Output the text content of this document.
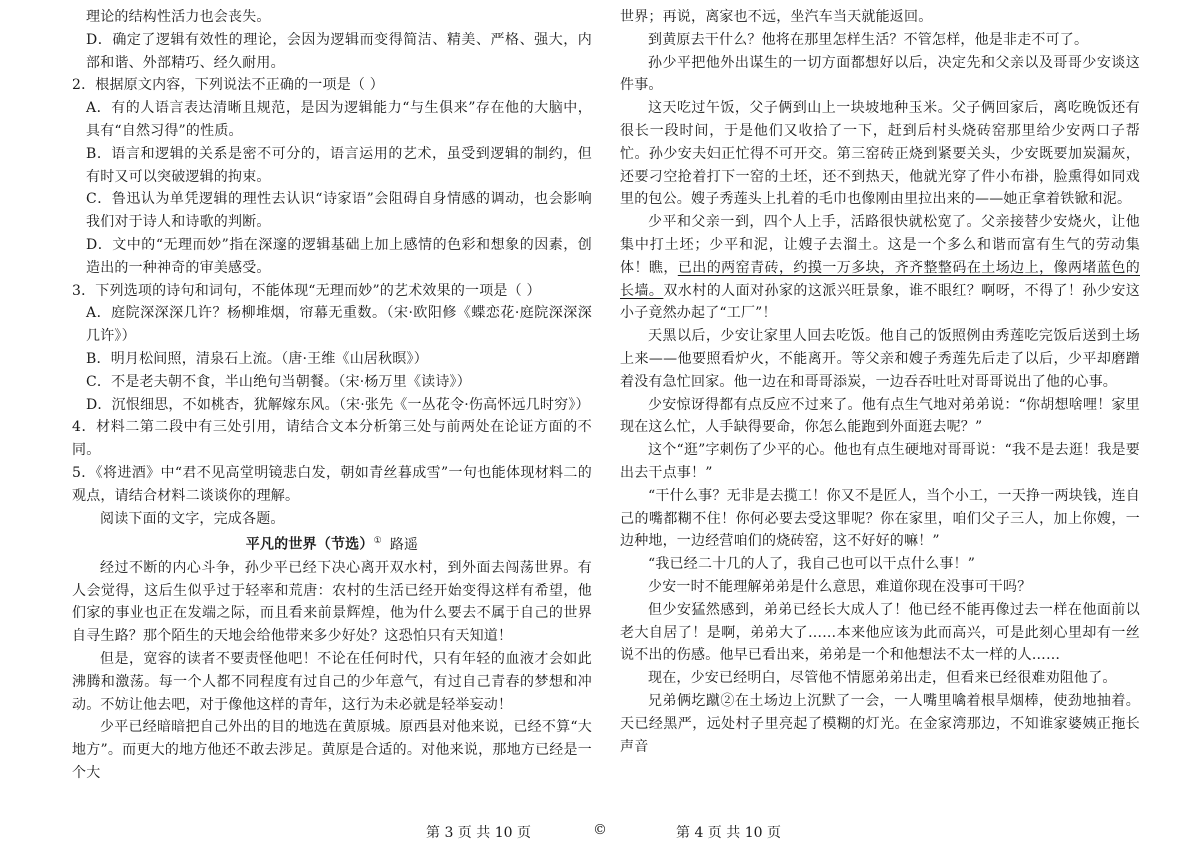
理论的结构性活力也会丧失。

D．确定了逻辑有效性的理论，会因为逻辑而变得简洁、精美、严格、强大，内部和谐、外部精巧、经久耐用。

2．根据原文内容，下列说法不正确的一项是（ ）

A．有的人语言表达清晰且规范，是因为逻辑能力“与生俱来”存在他的大脑中，具有“自然习得”的性质。

B．语言和逻辑的关系是密不可分的，语言运用的艺术，虽受到逻辑的制约，但有时又可以突破逻辑的拘束。

C．鲁迅认为单凭逻辑的理性去认识“诗家语”会阻碍自身情感的调动，也会影响我们对于诗人和诗歌的判断。

D．文中的“无理而妙”指在深邃的逻辑基础上加上感情的色彩和想象的因素，创造出的一种神奇的审美感受。

3．下列选项的诗句和词句，不能体现“无理而妙”的艺术效果的一项是（ ）

A．庭院深深深几许？杨柳堆烟，帘幕无重数。（宋·欧阳修《蝶恋花·庭院深深深几许》）

B．明月松间照，清泉石上流。（唐·王维《山居秋暝》）

C．不是老夫朝不食，半山绝句当朝餐。（宋·杨万里《读诗》）

D．沉恨细思，不如桃杏，犹解嫁东风。（宋·张先《一丛花令·伤高怀远几时穷》）

4．材料二第二段中有三处引用，请结合文本分析第三处与前两处在论证方面的不同。

5．《将进酒》中“君不见高堂明镜悲白发，朝如青丝暮成雪”一句也能体现材料二的观点，请结合材料二谈谈你的理解。

阅读下面的文字，完成各题。

平凡的世界（节选）① 路遥

经过不断的内心斗争，孙少平已经下决心离开双水村，到外面去闯荡世界。有人会觉得，这后生似乎过于轻率和荒唐：农村的生活已经开始变得这样有希望，他们家的事业也正在发端之际，而且看来前景辉煌，他为什么要去不属于自己的世界自寻生路？那个陌生的天地会给他带来多少好处？这恐怕只有天知道！

但是，宽容的读者不要责怪他吧！不论在任何时代，只有年轻的血液才会如此沸腾和激荡。每一个人都不同程度有过自己的少年意气，有过自己青春的梦想和冲动。不妨让他去吧，对于像他这样的青年，这行为未必就是轻举妄动！

少平已经暗暗把自己外出的目的地选在黄原城。原西县对他来说，已经不算“大地方”。而更大的地方他还不敢去涉足。黄原是合适的。对他来说，那地方已经是一个大

世界；再说，离家也不远，坐汽车当天就能返回。

到黄原去干什么？他将在那里怎样生活？不管怎样，他是非走不可了。

孙少平把他外出谋生的一切方面都想好以后，决定先和父亲以及哥哥少安谈这件事。

这天吃过午饭，父子俩到山上一块坡地种玉米。父子俩回家后，离吃晚饭还有很长一段时间，于是他们又收拾了一下，赶到后村头烧砖窑那里给少安两口子帮忙。孙少安夫妇正忙得不可开交。第三窑砖正烧到紧要关头，少安既要加炭漏灰，还要刁空抢着打下一窑的土坯，还不到热天，他就光穿了件小布褂，脸熏得如同戏里的包公。嫂子秀莲头上扎着的毛巾也像刚由里拉出来的——她正拿着铁锨和泥。

少平和父亲一到，四个人上手，活路很快就松宽了。父亲接替少安烧火，让他集中打土坯；少平和泥，让嫂子去溜土。这是一个多么和谐而富有生气的劳动集体！瞧，已出的两窑青砖，约摸一万多块，齐齐整整码在土场边上，像两堵蓝色的长墙。双水村的人面对孙家的这派兴旺景象，谁不眼红？啊呀，不得了！孙少安这小子竟然办起了“工厂”！

天黑以后，少安让家里人回去吃饭。他自己的饭照例由秀莲吃完饭后送到土场上来——他要照看炉火，不能离开。等父亲和嫂子秀莲先后走了以后，少平却磨蹭着没有急忙回家。他一边在和哥哥添炭，一边吞吞吐吐对哥哥说出了他的心事。

少安惊讶得都有点反应不过来了。他有点生气地对弟弟说：“你胡想啥哩！家里现在这么忙，人手缺得要命，你怎么能跑到外面逛去呢？”

这个“逛”字刺伤了少平的心。他也有点生硬地对哥哥说：“我不是去逛！我是要出去干点事！”

“干什么事？无非是去揽工！你又不是匠人，当个小工，一天挣一两块钱，连自己的嘴都糊不住！你何必要去受这罪呢？你在家里，咱们父子三人，加上你嫂，一边种地，一边经营咱们的烧砖窑，这不好好的嘛！”

“我已经二十几的人了，我自己也可以干点什么事！”

少安一时不能理解弟弟是什么意思，难道你现在没事可干吗？

但少安猛然感到，弟弟已经长大成人了！他已经不能再像过去一样在他面前以老大自居了！是啊，弟弟大了……本来他应该为此而高兴，可是此刻心里却有一丝说不出的伤感。他早已看出来，弟弟是一个和他想法不太一样的人……

现在，少安已经明白，尽管他不情愿弟弟出走，但看来已经很难劝阻他了。

兄弟俩圪蹴②在土场边上沉默了一会，一人嘴里噙着根旱烟棒，使劲地抽着。天已经黑严，远处村子里亮起了模糊的灯光。在金家湾那边，不知谁家婆姨正拖长声音

第 3 页 共 10 页	©	第 4 页 共 10 页
